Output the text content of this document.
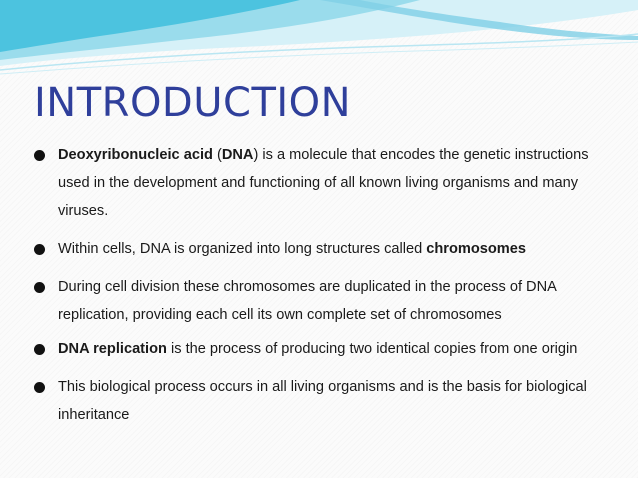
INTRODUCTION
Deoxyribonucleic acid (DNA) is a molecule that encodes the genetic instructions used in the development and functioning of all known living organisms and many viruses.
Within cells, DNA is organized into long structures called chromosomes
During cell division these chromosomes are duplicated in the process of DNA replication, providing each cell its own complete set of chromosomes
DNA replication is the process of producing two identical copies from one origin
This biological process occurs in all living organisms and is the basis for biological inheritance
